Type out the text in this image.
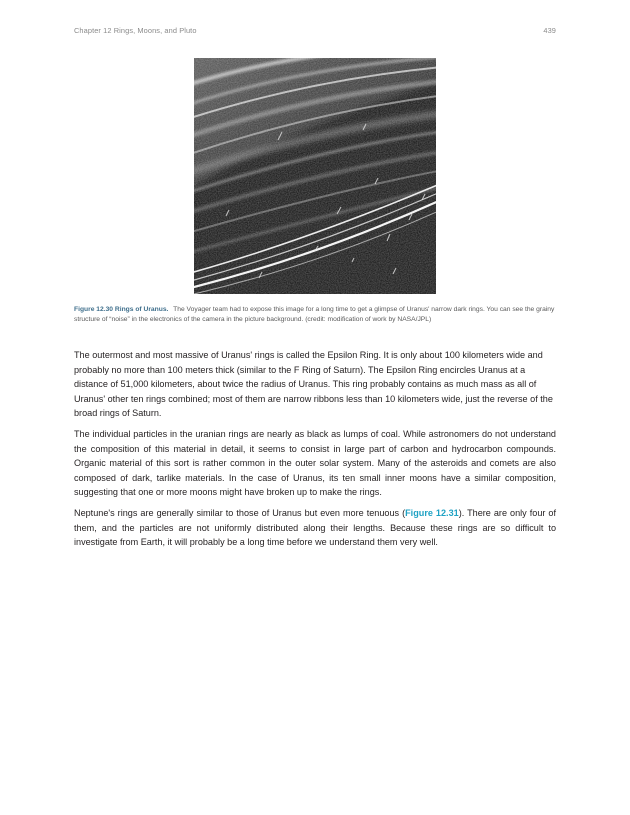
Chapter 12 Rings, Moons, and Pluto	439
Figure 12.30 Rings of Uranus. The Voyager team had to expose this image for a long time to get a glimpse of Uranus' narrow dark rings. You can see the grainy structure of “noise” in the electronics of the camera in the picture background. (credit: modification of work by NASA/JPL)

The outermost and most massive of Uranus' rings is called the Epsilon Ring. It is only about 100 kilometers wide and probably no more than 100 meters thick (similar to the F Ring of Saturn). The Epsilon Ring encircles Uranus at a distance of 51,000 kilometers, about twice the radius of Uranus. This ring probably contains as much mass as all of Uranus' other ten rings combined; most of them are narrow ribbons less than 10 kilometers wide, just the reverse of the broad rings of Saturn.

The individual particles in the uranian rings are nearly as black as lumps of coal. While astronomers do not understand the composition of this material in detail, it seems to consist in large part of carbon and hydrocarbon compounds. Organic material of this sort is rather common in the outer solar system. Many of the asteroids and comets are also composed of dark, tarlike materials. In the case of Uranus, its ten small inner moons have a similar composition, suggesting that one or more moons might have broken up to make the rings.

Neptune's rings are generally similar to those of Uranus but even more tenuous (Figure 12.31). There are only four of them, and the particles are not uniformly distributed along their lengths. Because these rings are so difficult to investigate from Earth, it will probably be a long time before we understand them very well.
